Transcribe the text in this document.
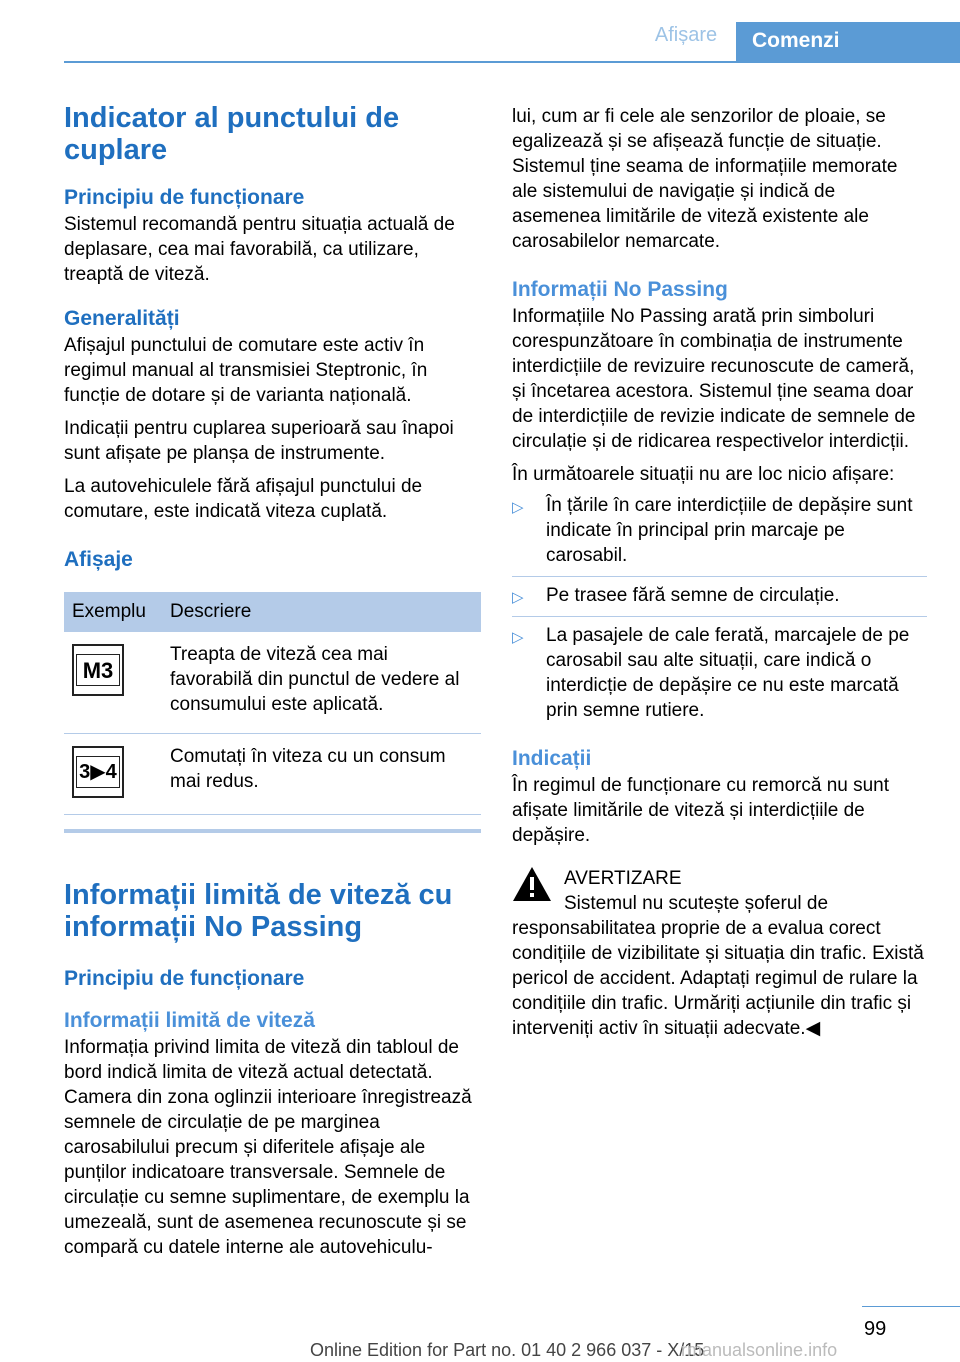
Afișare	Comenzi
Indicator al punctului de cuplare
Principiu de funcționare

Sistemul recomandă pentru situația actuală de deplasare, cea mai favorabilă, ca utilizare, treaptă de viteză.

Generalități

Afișajul punctului de comutare este activ în regimul manual al transmisiei Steptronic, în funcție de dotare și de varianta națională.

Indicații pentru cuplarea superioară sau înapoi sunt afișate pe planșa de instrumente.

La autovehiculele fără afișajul punctului de comutare, este indicată viteza cuplată.

Afișaje
Exemplu	Descriere

M3	Treapta de viteză cea mai favorabilă din punctul de vedere al consumului este aplicată.

3▶4	Comutați în viteza cu un consum mai redus.
Informații limită de viteză cu informații No Passing
Principiu de funcționare
Informații limită de viteză

Informația privind limita de viteză din tabloul de bord indică limita de viteză actual detectată. Camera din zona oglinzii interioare înregistrează semnele de circulație de pe marginea carosabilului precum și diferitele afișaje ale punților indicatoare transversale. Semnele de circulație cu semne suplimentare, de exemplu la umezeală, sunt de asemenea recunoscute și se compară cu datele interne ale autovehiculu-

lui, cum ar fi cele ale senzorilor de ploaie, se egalizează și se afișează funcție de situație. Sistemul ține seama de informațiile memorate ale sistemului de navigație și indică de asemenea limitările de viteză existente ale carosabilelor nemarcate.

Informații No Passing

Informațiile No Passing arată prin simboluri corespunzătoare în combinația de instrumente interdicțiile de revizuire recunoscute de cameră, și încetarea acestora. Sistemul ține seama doar de interdicțiile de revizie indicate de semnele de circulație și de ridicarea respectivelor interdicții.

În următoarele situații nu are loc nicio afișare:

▷ În țările în care interdicțiile de depășire sunt indicate în principal prin marcaje pe carosabil.
▷ Pe trasee fără semne de circulație.
▷ La pasajele de cale ferată, marcajele de pe carosabil sau alte situații, care indică o interdicție de depășire ce nu este marcată prin semne rutiere.
Indicații

În regimul de funcționare cu remorcă nu sunt afișate limitările de viteză și interdicțiile de depășire.

AVERTIZARE

Sistemul nu scutește șoferul de responsabilitatea proprie de a evalua corect condițiile de vizibilitate și situația din trafic. Există pericol de accident. Adaptați regimul de rulare la condițiile din trafic. Urmăriți acțiunile din trafic și interveniți activ în situații adecvate.◀

99
Online Edition for Part no. 01 40 2 966 037 - X/15
rmanualsonline.info
